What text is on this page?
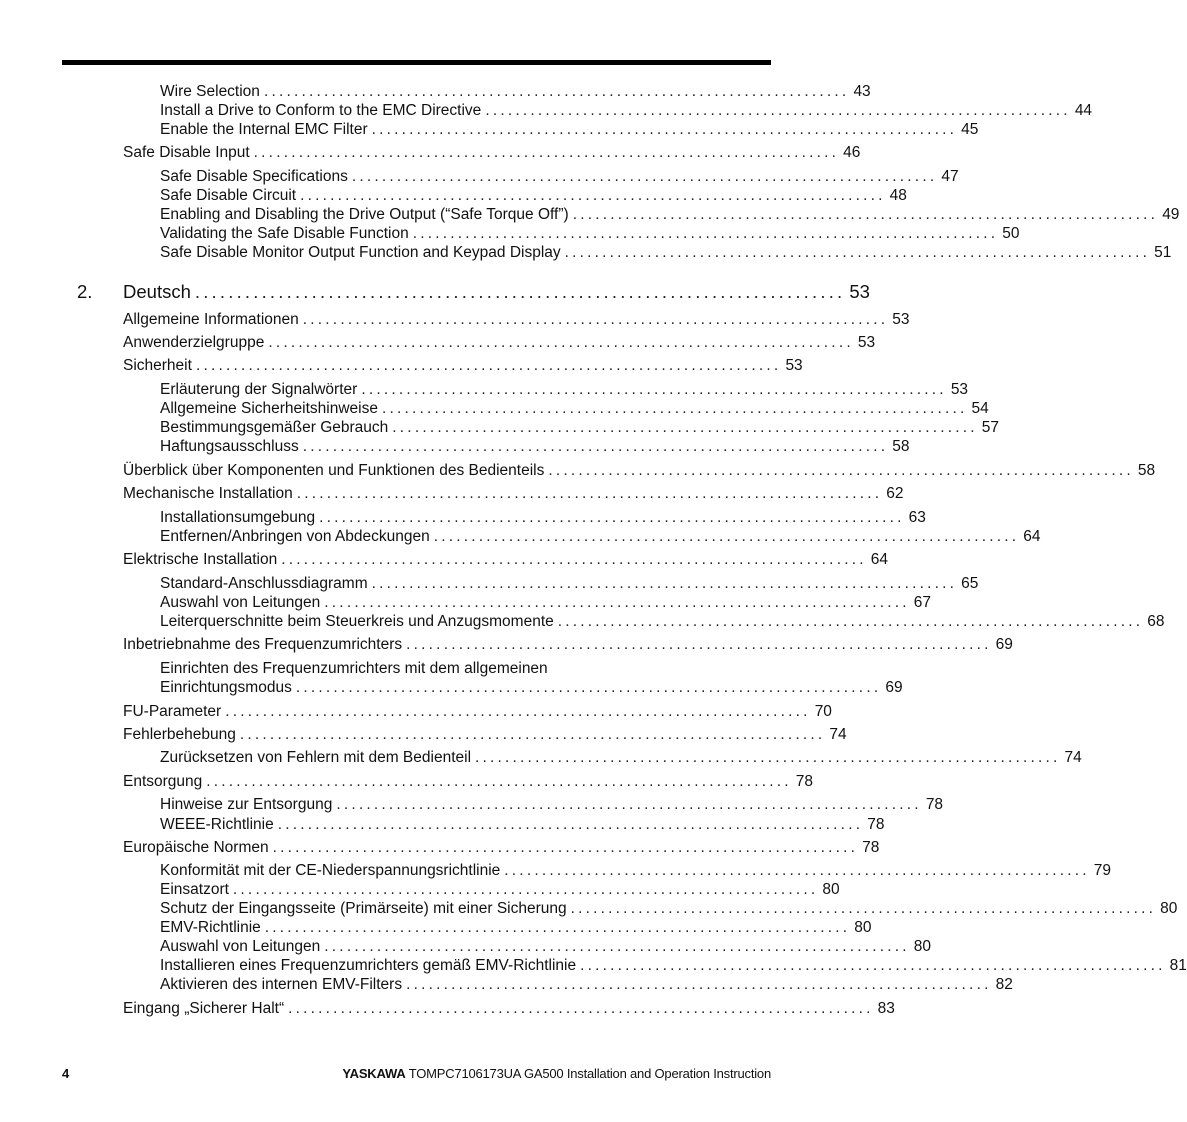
Wire Selection .............................................................................. 43
Install a Drive to Conform to the EMC Directive .............................................................................. 44
Enable the Internal EMC Filter .............................................................................. 45
Safe Disable Input .............................................................................. 46
Safe Disable Specifications .............................................................................. 47
Safe Disable Circuit .............................................................................. 48
Enabling and Disabling the Drive Output (“Safe Torque Off”) .............................................................................. 49
Validating the Safe Disable Function .............................................................................. 50
Safe Disable Monitor Output Function and Keypad Display .............................................................................. 51
2. Deutsch .............................................................................. 53
Allgemeine Informationen .............................................................................. 53
Anwenderzielgruppe .............................................................................. 53
Sicherheit .............................................................................. 53
Erläuterung der Signalwörter .............................................................................. 53
Allgemeine Sicherheitshinweise .............................................................................. 54
Bestimmungsgemäßer Gebrauch .............................................................................. 57
Haftungsausschluss .............................................................................. 58
Überblick über Komponenten und Funktionen des Bedienteils .............................................................................. 58
Mechanische Installation .............................................................................. 62
Installationsumgebung .............................................................................. 63
Entfernen/Anbringen von Abdeckungen .............................................................................. 64
Elektrische Installation .............................................................................. 64
Standard-Anschlussdiagramm .............................................................................. 65
Auswahl von Leitungen .............................................................................. 67
Leiterquerschnitte beim Steuerkreis und Anzugsmomente .............................................................................. 68
Inbetriebnahme des Frequenzumrichters .............................................................................. 69
Einrichten des Frequenzumrichters mit dem allgemeinen
Einrichtungsmodus .............................................................................. 69
FU-Parameter .............................................................................. 70
Fehlerbehebung .............................................................................. 74
Zurücksetzen von Fehlern mit dem Bedienteil .............................................................................. 74
Entsorgung .............................................................................. 78
Hinweise zur Entsorgung .............................................................................. 78
WEEE-Richtlinie .............................................................................. 78
Europäische Normen .............................................................................. 78
Konformität mit der CE-Niederspannungsrichtlinie .............................................................................. 79
Einsatzort .............................................................................. 80
Schutz der Eingangsseite (Primärseite) mit einer Sicherung .............................................................................. 80
EMV-Richtlinie .............................................................................. 80
Auswahl von Leitungen .............................................................................. 80
Installieren eines Frequenzumrichters gemäß EMV-Richtlinie .............................................................................. 81
Aktivieren des internen EMV-Filters .............................................................................. 82
Eingang „Sicherer Halt“ .............................................................................. 83
4	YASKAWA TOMPC7106173UA GA500 Installation and Operation Instruction
